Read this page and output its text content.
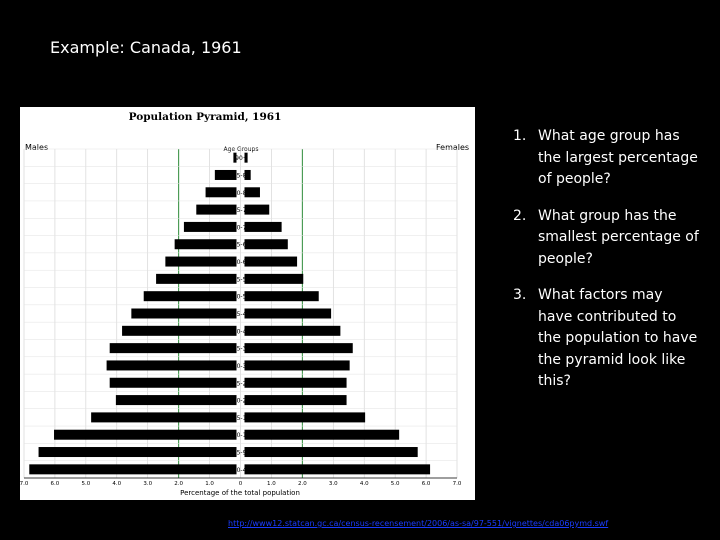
Example: Canada, 1961
Population Pyramid, 1961
Males	Females
Age Groups
90+
85-89
80-84
75-79
70-74
65-69
60-64
55-59
50-54
45-49
40-44
35-39
30-34
25-29
20-24
15-19
10-14
5-9
0-4
7.0	6.0	5.0	4.0	3.0	2.0	1.0	0	1.0	2.0	3.0	4.0	5.0	6.0	7.0
Percentage of the total population
1. What age group has the largest percentage of people?
2. What group has the smallest percentage of people?
3. What factors may have contributed to the population to have the pyramid look like this?
http://www12.statcan.gc.ca/census-recensement/2006/as-sa/97-551/vignettes/cda06pymd.swf
